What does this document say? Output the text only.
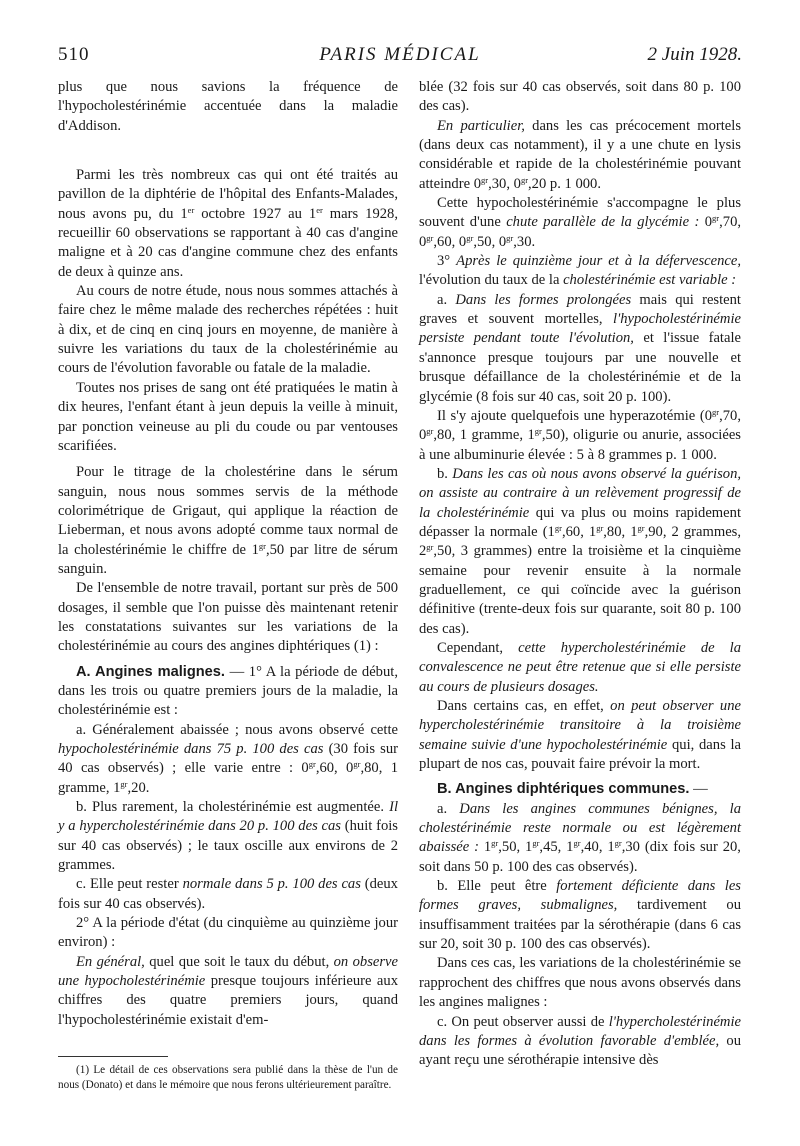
510	PARIS MÉDICAL	2 Juin 1928.

plus que nous savions la fréquence de l'hypocholestérinémie accentuée dans la maladie d'Addison.

Parmi les très nombreux cas qui ont été traités au pavillon de la diphtérie de l'hôpital des Enfants-Malades, nous avons pu, du 1er octobre 1927 au 1er mars 1928, recueillir 60 observations se rapportant à 40 cas d'angine maligne et à 20 cas d'angine commune chez des enfants de deux à quinze ans.

Au cours de notre étude, nous nous sommes attachés à faire chez le même malade des recherches répétées : huit à dix, et de cinq en cinq jours en moyenne, de manière à suivre les variations du taux de la cholestérinémie au cours de l'évolution favorable ou fatale de la maladie.

Toutes nos prises de sang ont été pratiquées le matin à dix heures, l'enfant étant à jeun depuis la veille à minuit, par ponction veineuse au pli du coude ou par ventouses scarifiées.

Pour le titrage de la cholestérine dans le sérum sanguin, nous nous sommes servis de la méthode colorimétrique de Grigaut, qui applique la réaction de Lieberman, et nous avons adopté comme taux normal de la cholestérinémie le chiffre de $1^{gr},50$ par litre de sérum sanguin.

De l'ensemble de notre travail, portant sur près de 500 dosages, il semble que l'on puisse dès maintenant retenir les constatations suivantes sur les variations de la cholestérinémie au cours des angines diphtériques (1) :

A. Angines malignes. — 1° A la période de début, dans les trois ou quatre premiers jours de la maladie, la cholestérinémie est :

a. Généralement abaissée ; nous avons observé cette hypocholestérinémie dans 75 p. 100 des cas (30 fois sur 40 cas observés) ; elle varie entre : $0^{gr},60$, $0^{gr},80$, 1 gramme, $1^{gr},20$.

b. Plus rarement, la cholestérinémie est augmentée. Il y a hypercholestérinémie dans 20 p. 100 des cas (huit fois sur 40 cas observés) ; le taux oscille aux environs de 2 grammes.

c. Elle peut rester normale dans 5 p. 100 des cas (deux fois sur 40 cas observés).

2° A la période d'état (du cinquième au quinzième jour environ) :

En général, quel que soit le taux du début, on observe une hypocholestérinémie presque toujours inférieure aux chiffres des quatre premiers jours, quand l'hypocholestérinémie existait d'em-

(1) Le détail de ces observations sera publié dans la thèse de l'un de nous (Donato) et dans le mémoire que nous ferons ultérieurement paraître.

blée (32 fois sur 40 cas observés, soit dans 80 p. 100 des cas).

En particulier, dans les cas précocement mortels (dans deux cas notamment), il y a une chute en lysis considérable et rapide de la cholestérinémie pouvant atteindre $0^{gr},30$, $0^{gr},20$ p. 1 000.

Cette hypocholestérinémie s'accompagne le plus souvent d'une chute parallèle de la glycémie : $0^{gr},70$, $0^{gr},60$, $0^{gr},50$, $0^{gr},30$.

3° Après le quinzième jour et à la défervescence, l'évolution du taux de la cholestérinémie est variable :

a. Dans les formes prolongées mais qui restent graves et souvent mortelles, l'hypocholestérinémie persiste pendant toute l'évolution, et l'issue fatale s'annonce presque toujours par une nouvelle et brusque défaillance de la cholestérinémie et de la glycémie (8 fois sur 40 cas, soit 20 p. 100).

Il s'y ajoute quelquefois une hyperazotémie ($0^{gr},70$, $0^{gr},80$, 1 gramme, $1^{gr},50$), oligurie ou anurie, associées à une albuminurie élevée : 5 à 8 grammes p. 1 000.

b. Dans les cas où nous avons observé la guérison, on assiste au contraire à un relèvement progressif de la cholestérinémie qui va plus ou moins rapidement dépasser la normale ($1^{gr},60$, $1^{gr},80$, $1^{gr},90$, 2 grammes, $2^{gr},50$, 3 grammes) entre la troisième et la cinquième semaine pour revenir ensuite à la normale graduellement, ce qui coïncide avec la guérison définitive (trente-deux fois sur quarante, soit 80 p. 100 des cas).

Cependant, cette hypercholestérinémie de la convalescence ne peut être retenue que si elle persiste au cours de plusieurs dosages.

Dans certains cas, en effet, on peut observer une hypercholestérinémie transitoire à la troisième semaine suivie d'une hypocholestérinémie qui, dans la plupart de nos cas, pouvait faire prévoir la mort.

B. Angines diphtériques communes. —

a. Dans les angines communes bénignes, la cholestérinémie reste normale ou est légèrement abaissée : $1^{gr},50$, $1^{gr},45$, $1^{gr},40$, $1^{gr},30$ (dix fois sur 20, soit dans 50 p. 100 des cas observés).

b. Elle peut être fortement déficiente dans les formes graves, submalignes, tardivement ou insuffisamment traitées par la sérothérapie (dans 6 cas sur 20, soit 30 p. 100 des cas observés).

Dans ces cas, les variations de la cholestérinémie se rapprochent des chiffres que nous avons observés dans les angines malignes :

c. On peut observer aussi de l'hypercholestérinémie dans les formes à évolution favorable d'emblée, ou ayant reçu une sérothérapie intensive dès
